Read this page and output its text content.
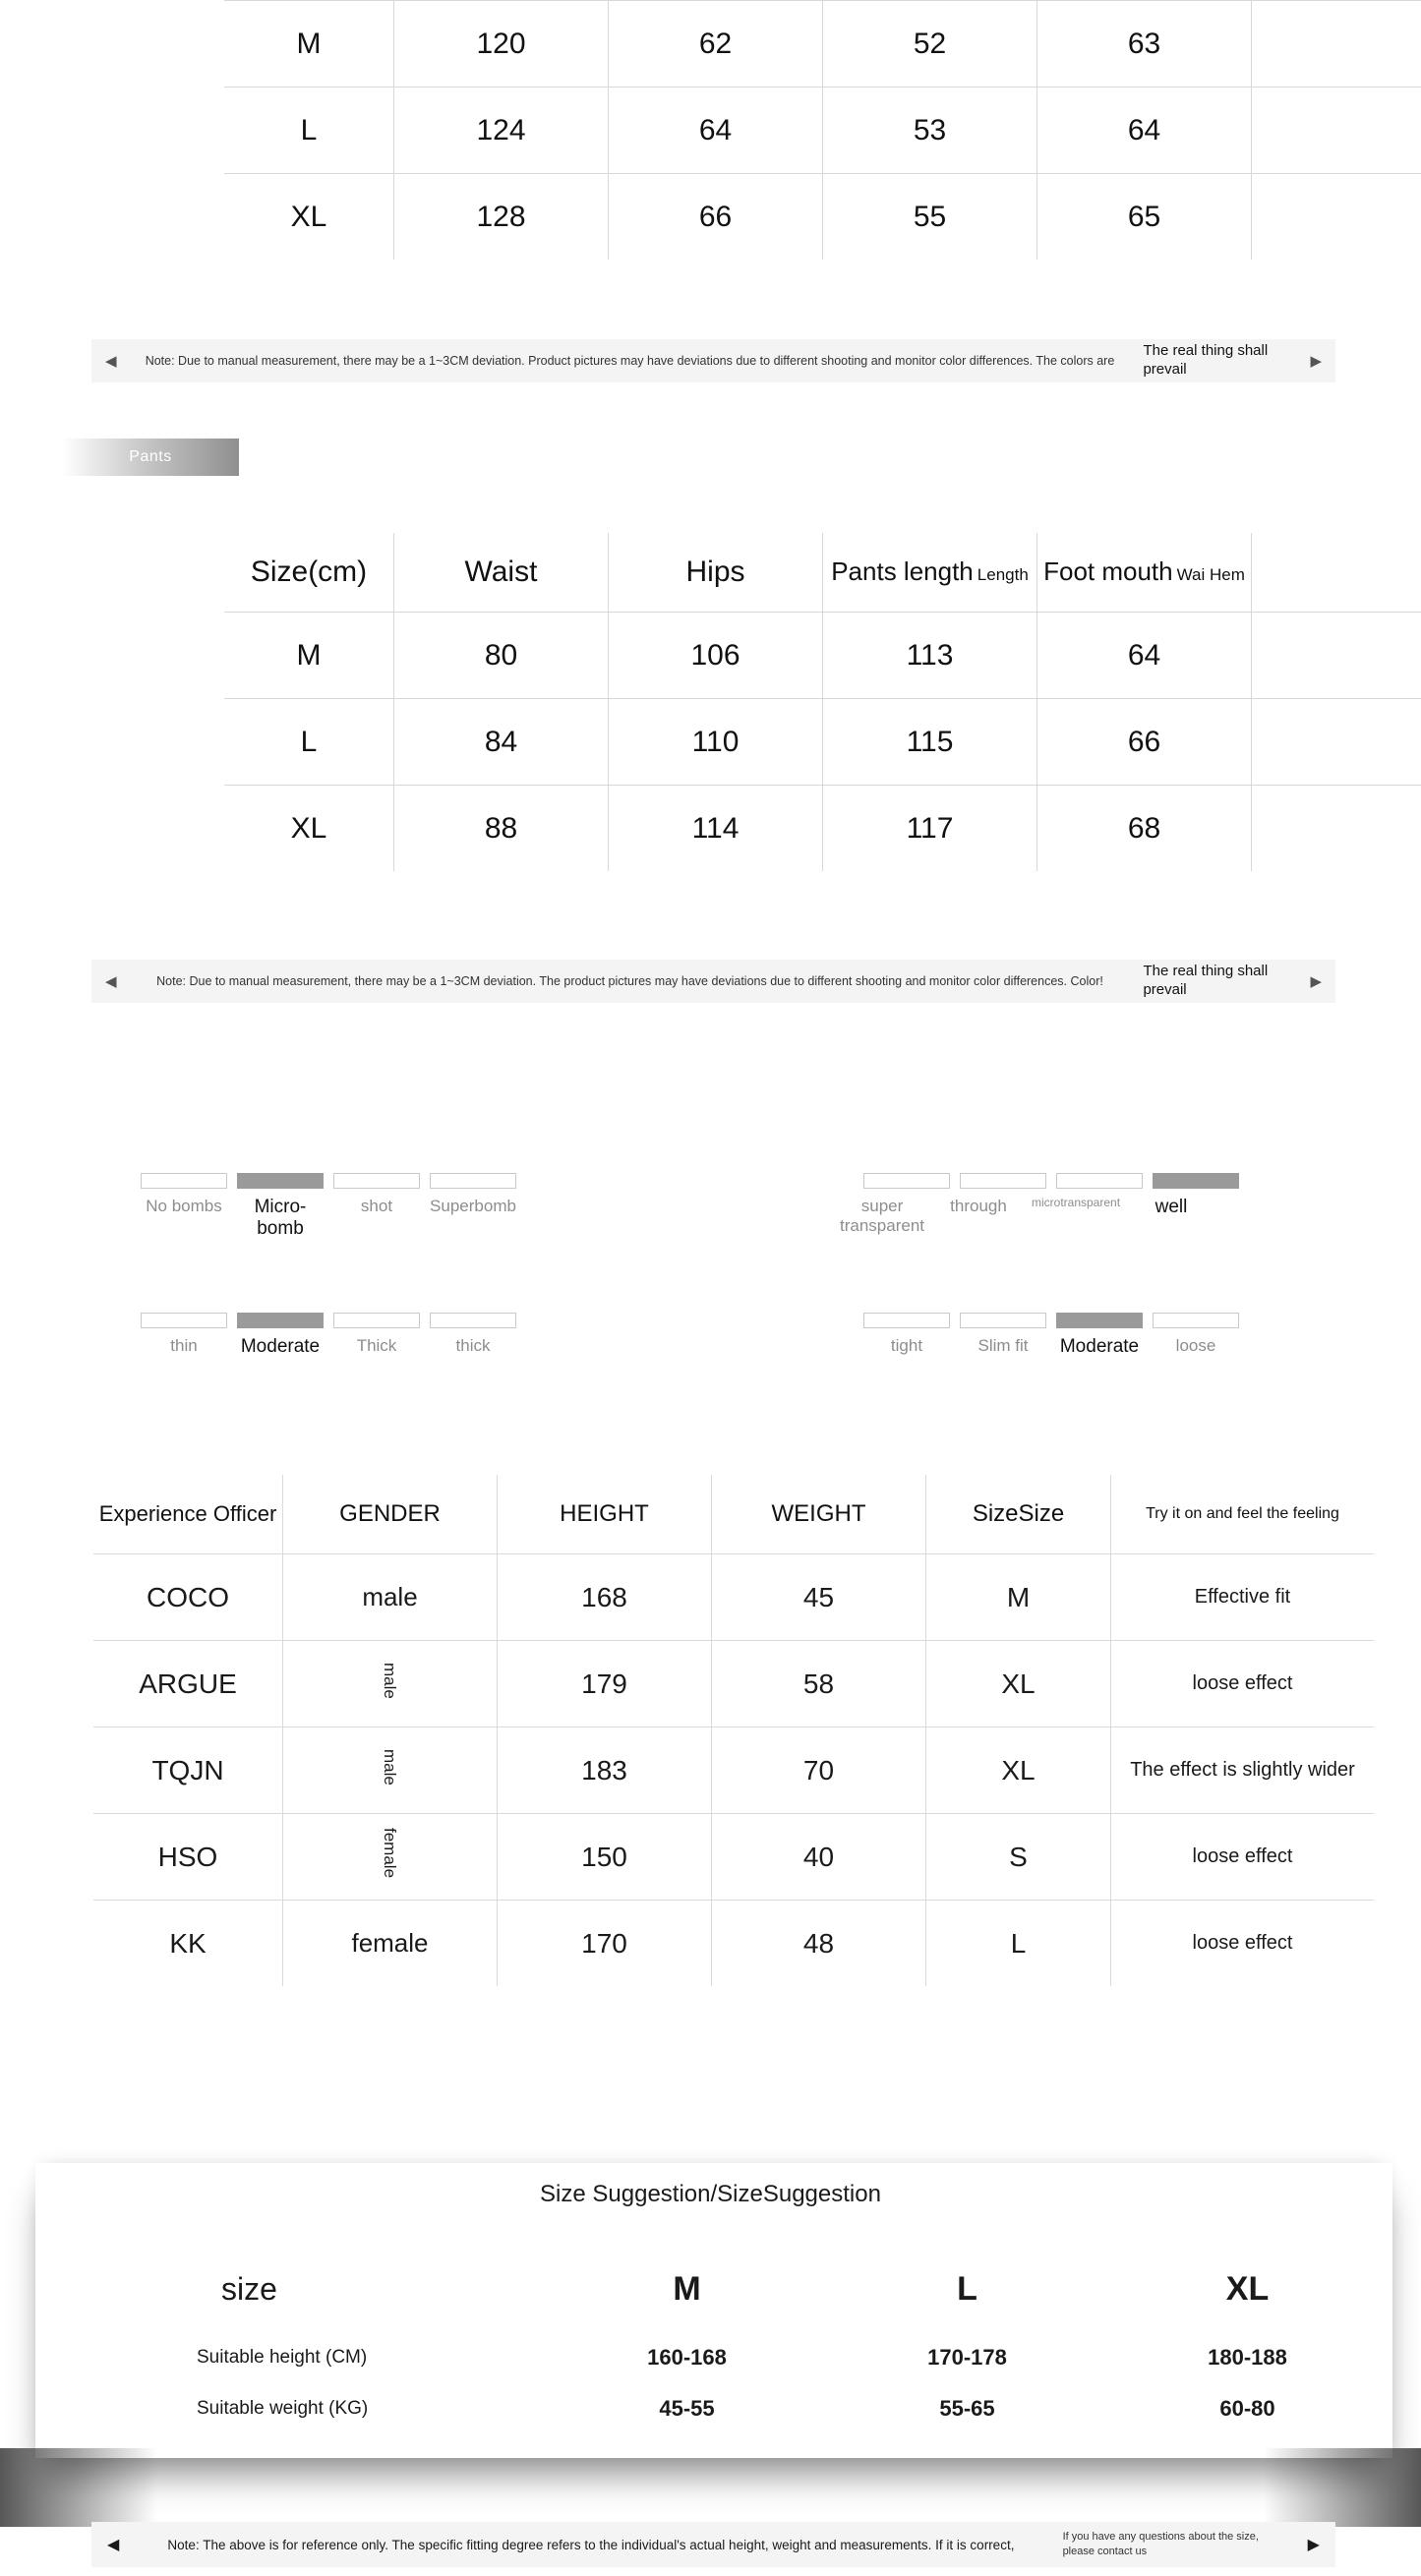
M	120	62	52	63	
L	124	64	53	64	
XL	128	66	55	65	
◀	Note: Due to manual measurement, there may be a 1~3CM deviation. Product pictures may have deviations due to different shooting and monitor color differences. The colors are
The real thing shall prevail	▶
Pants
Size(cm)	Waist	Hips	Pants length Length	Foot mouth Wai Hem	

M	80	106	113	64	
L	84	110	115	66	
XL	88	114	117	68	
◀	Note: Due to manual measurement, there may be a 1~3CM deviation. The product pictures may have deviations due to different shooting and monitor color differences. Color!
The real thing shall prevail	▶
No bombs	Micro-bomb
shot	Superbomb	super transparent
through	microtransparent	well
thin	Moderate	Thick	thick	tight	Slim fit	Moderate	loose
Experience Officer	GENDER	HEIGHT	WEIGHT	SizeSize	Try it on and feel the feeling
COCO	male	168	45	M	Effective fit
ARGUE	male	179	58	XL	loose effect
TQJN	male	183	70	XL	The effect is slightly wider
HSO	female	150	40	S	loose effect
KK	female	170	48	L	loose effect
Size Suggestion/SizeSuggestion
size	M	L	XL
Suitable height (CM)	160-168	170-178	180-188
Suitable weight (KG)	45-55	55-65	60-80
◀	Note: The above is for reference only. The specific fitting degree refers to the individual's actual height, weight and measurements. If it is correct,
If you have any questions about the size, please contact us	▶
